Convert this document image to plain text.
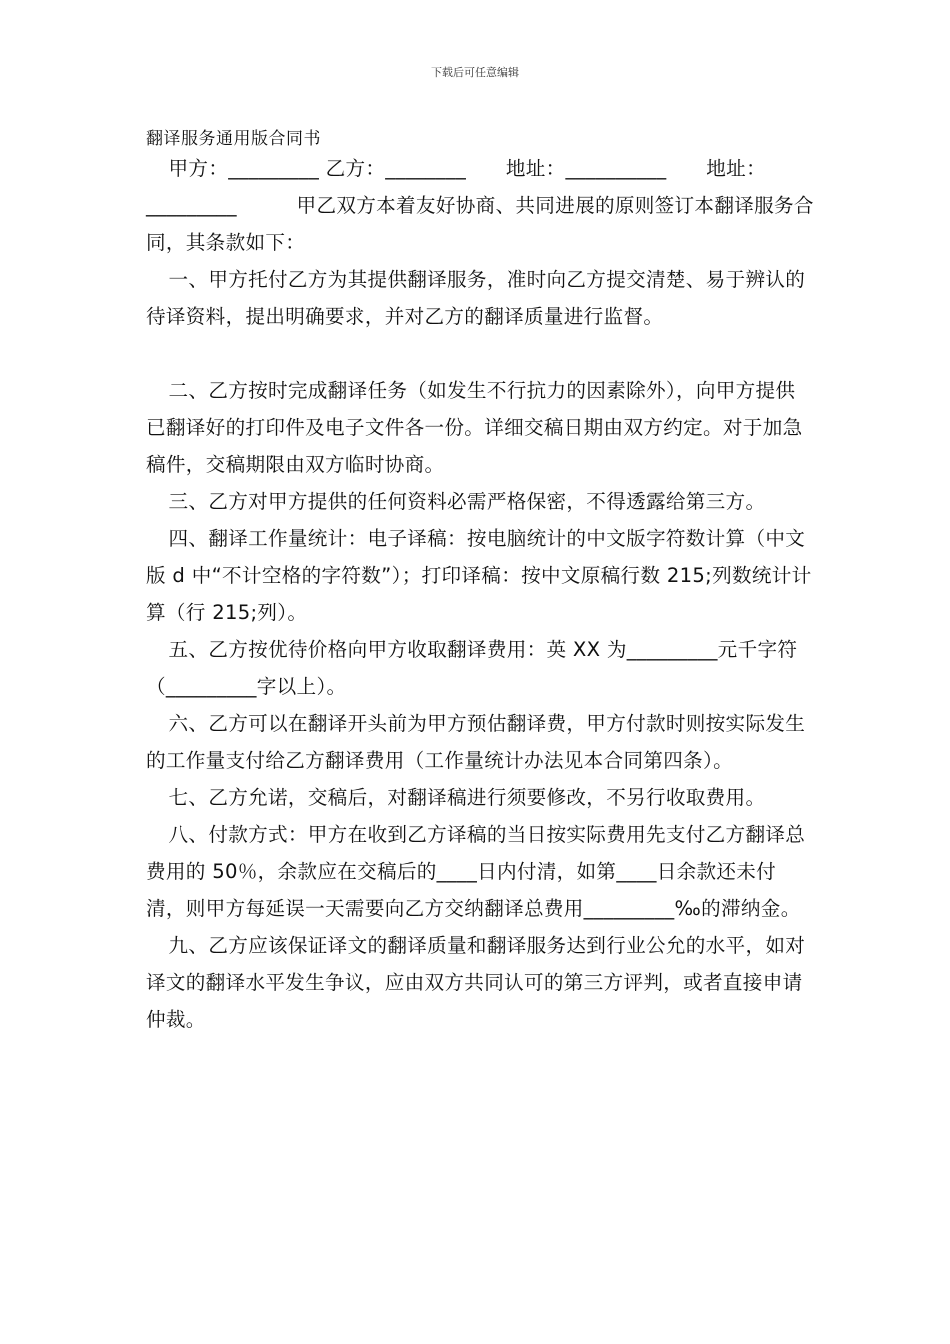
下载后可任意编辑
翻译服务通用版合同书

甲方：_________ 乙方：________　　地址：__________　　地址：_________　　　甲乙双方本着友好协商、共同进展的原则签订本翻译服务合同，其条款如下：

一、甲方托付乙方为其提供翻译服务，准时向乙方提交清楚、易于辨认的待译资料，提出明确要求，并对乙方的翻译质量进行监督。

二、乙方按时完成翻译任务（如发生不行抗力的因素除外），向甲方提供已翻译好的打印件及电子文件各一份。详细交稿日期由双方约定。对于加急稿件，交稿期限由双方临时协商。

三、乙方对甲方提供的任何资料必需严格保密，不得透露给第三方。

四、翻译工作量统计：电子译稿：按电脑统计的中文版字符数计算（中文版 d 中“不计空格的字符数”）；打印译稿：按中文原稿行数 215;列数统计计算（行 215;列）。

五、乙方按优待价格向甲方收取翻译费用：英 XX 为_________元千字符（_________字以上）。

六、乙方可以在翻译开头前为甲方预估翻译费，甲方付款时则按实际发生的工作量支付给乙方翻译费用（工作量统计办法见本合同第四条）。

七、乙方允诺，交稿后，对翻译稿进行须要修改，不另行收取费用。

八、付款方式：甲方在收到乙方译稿的当日按实际费用先支付乙方翻译总费用的 50％，余款应在交稿后的____日内付清，如第____日余款还未付清，则甲方每延误一天需要向乙方交纳翻译总费用_________‰的滞纳金。

九、乙方应该保证译文的翻译质量和翻译服务达到行业公允的水平，如对译文的翻译水平发生争议，应由双方共同认可的第三方评判，或者直接申请仲裁。
